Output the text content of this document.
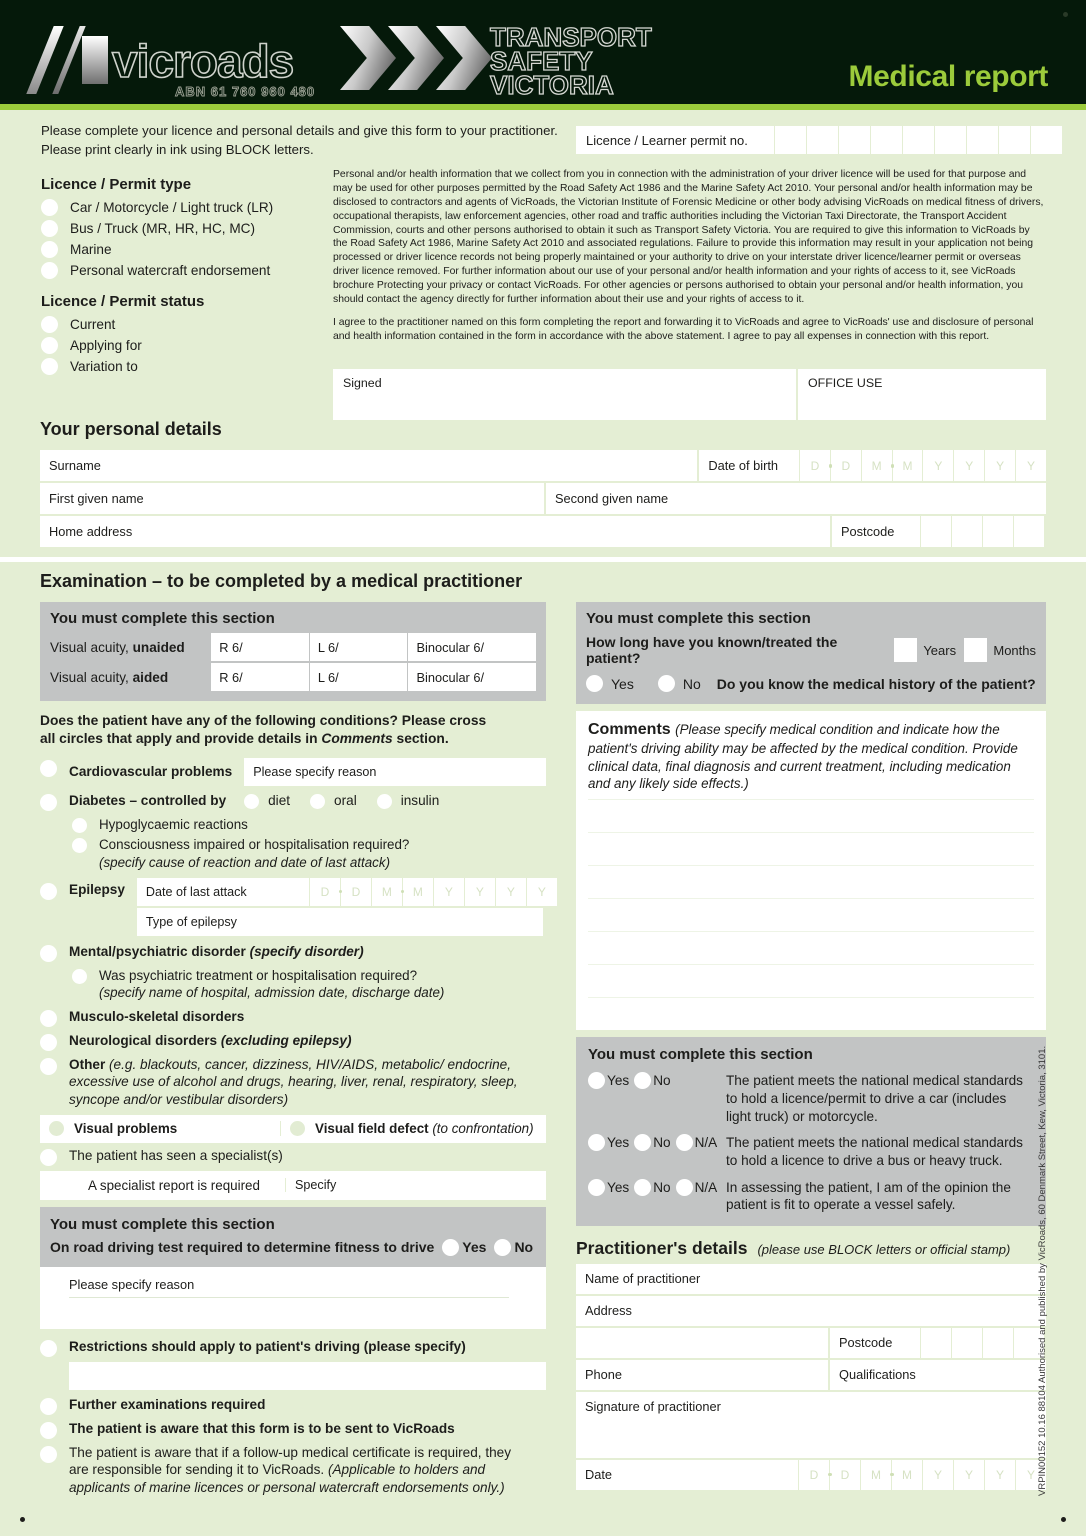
vicroads
ABN 61 760 960 480
TRANSPORT
SAFETY
VICTORIA	Medical report
Please complete your licence and personal details and give this form to your practitioner.
Please print clearly in ink using BLOCK letters.
Licence / Learner permit no.
Licence / Permit type
Car / Motorcycle / Light truck (LR)
Bus / Truck (MR, HR, HC, MC)
Marine
Personal watercraft endorsement
Licence / Permit status
Current
Applying for
Variation to

Personal and/or health information that we collect from you in connection with the administration of your driver licence will be used for that purpose and may be used for other purposes permitted by the Road Safety Act 1986 and the Marine Safety Act 2010. Your personal and/or health information may be disclosed to contractors and agents of VicRoads, the Victorian Institute of Forensic Medicine or other body advising VicRoads on medical fitness of drivers, occupational therapists, law enforcement agencies, other road and traffic authorities including the Victorian Taxi Directorate, the Transport Accident Commission, courts and other persons authorised to obtain it such as Transport Safety Victoria. You are required to give this information to VicRoads by the Road Safety Act 1986, Marine Safety Act 2010 and associated regulations. Failure to provide this information may result in your application not being processed or driver licence records not being properly maintained or your authority to drive on your interstate driver licence/learner permit or overseas driver licence removed. For further information about our use of your personal and/or health information and your rights of access to it, see VicRoads brochure Protecting your privacy or contact VicRoads. For other agencies or persons authorised to obtain your personal and/or health information, you should contact the agency directly for further information about their use and your rights of access to it.

I agree to the practitioner named on this form completing the report and forwarding it to VicRoads and agree to VicRoads' use and disclosure of personal and health information contained in the form in accordance with the above statement. I agree to pay all expenses in connection with this report.

Signed	OFFICE USE
Your personal details
Surname	Date of birth	D	D	M	M	Y	Y	Y	Y
First given name	Second given name
Home address	Postcode
Examination – to be completed by a medical practitioner
You must complete this section
Visual acuity, unaided	R 6/	L 6/	Binocular 6/
Visual acuity, aided	R 6/	L 6/	Binocular 6/
Does the patient have any of the following conditions? Please cross
all circles that apply and provide details in Comments section.
Cardiovascular problems	Please specify reason
Diabetes – controlled by	diet	oral	insulin
Hypoglycaemic reactions
Consciousness impaired or hospitalisation required?
(specify cause of reaction and date of last attack)
Epilepsy	Date of last attack	D	D	M	M	Y	Y	Y	Y
Type of epilepsy
Mental/psychiatric disorder (specify disorder)
Was psychiatric treatment or hospitalisation required?
(specify name of hospital, admission date, discharge date)
Musculo-skeletal disorders
Neurological disorders (excluding epilepsy)
Other (e.g. blackouts, cancer, dizziness, HIV/AIDS, metabolic/ endocrine, excessive use of alcohol and drugs, hearing, liver, renal, respiratory, sleep, syncope and/or vestibular disorders)
Visual problems	Visual field defect (to confrontation)
The patient has seen a specialist(s)
A specialist report is required	Specify
You must complete this section
On road driving test required to determine fitness to drive Yes No
Please specify reason
Restrictions should apply to patient's driving (please specify)
Further examinations required
The patient is aware that this form is to be sent to VicRoads
The patient is aware that if a follow-up medical certificate is required, they are responsible for sending it to VicRoads. (Applicable to holders and applicants of marine licences or personal watercraft endorsements only.)
You must complete this section
How long have you known/treated the patient?	Years	Months
Yes	No Do you know the medical history of the patient?
Comments (Please specify medical condition and indicate how the patient's driving ability may be affected by the medical condition. Provide clinical data, final diagnosis and current treatment, including medication and any likely side effects.)
You must complete this section
Yes No	The patient meets the national medical standards to hold a licence/permit to drive a car (includes light truck) or motorcycle.
Yes No N/A The patient meets the national medical standards to hold a licence to drive a bus or heavy truck.
Yes No N/A In assessing the patient, I am of the opinion the patient is fit to operate a vessel safely.
Practitioner's details (please use BLOCK letters or official stamp)
Name of practitioner
Address
Postcode
Phone	Qualifications
Signature of practitioner
Date	D	D	M	M	Y	Y	Y	Y VRPIN00152 10.16 88104 Authorised and published by VicRoads, 60 Denmark Street, Kew, Victoria, 3101.
